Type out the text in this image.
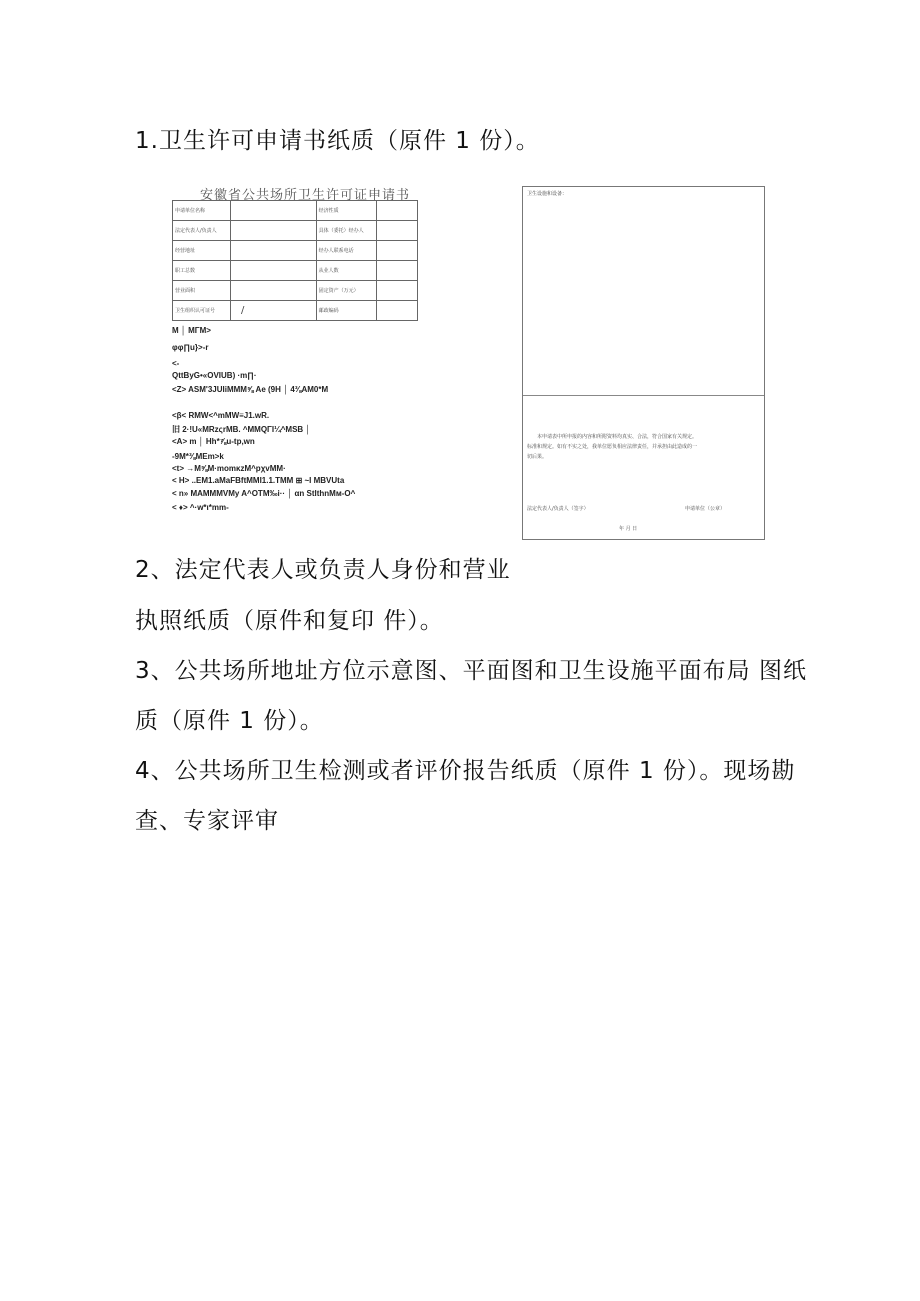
1.卫生许可申请书纸质（原件 1 份）。
安徽省公共场所卫生许可证申请书
申请单位名称		经济性质	
法定代表人/负责人		具体（委托）经办人	
经营地址		经办人联系电话	
职工总数		从业人数	
营业面积		固定资产（万元）	
卫生组织认可证号	/	邮政编码	
M │ MΓM>
φφ∏u}>-r
<-
QttByG•«OVIUB) ·m∏·
<Z> ASM'3JUIiMMM⅝ Ae (9H │ 4⅜AM0*M
<β< RMW<^mMW≡J1.wR.
旧 2·!U«MRzςrMB. ^MMQΓI¼^MSB │
<A> m │ Hh*⅞u-tp,wn
-9M*⅜MEm>k
<t> →M⅝M·momκzM^pχvMM·
< H> ..EM1.aMaFBftMMI1.1.TMM ⊞ ~I MBVUta
< n» MAMMMVMy A^OTM‰i·· │ αn StlthnMм-O^
< ♦> ^·w*ι*mm-
卫生设施和设备：
本申请表中所申报的内容和所附资料均真实、合法，符合国家有关规定。
标准和规定。如有不实之处，我单位愿负相应法律责任，并承担由此造成的一
切后果。
法定代表人/负责人（签字）	申请单位（公章）
年 月 日
2、法定代表人或负责人身份和营业
执照纸质（原件和复印 件）。
3、公共场所地址方位示意图、平面图和卫生设施平面布局 图纸
质（原件 1 份）。
4、公共场所卫生检测或者评价报告纸质（原件 1 份）。现场勘
查、专家评审
